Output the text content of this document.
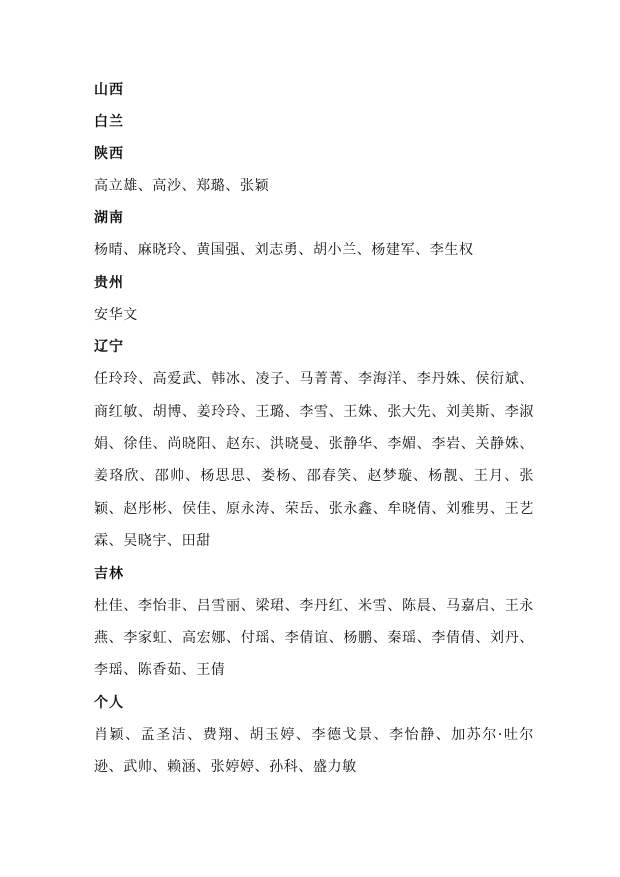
山西
白兰
陕西
高立雄、高沙、郑璐、张颖
湖南
杨晴、麻晓玲、黄国强、刘志勇、胡小兰、杨建军、李生权
贵州
安华文
辽宁
任玲玲、高爱武、韩冰、凌子、马菁菁、李海洋、李丹姝、侯衍斌、商红敏、胡博、姜玲玲、王璐、李雪、王姝、张大先、刘美斯、李淑娟、徐佳、尚晓阳、赵东、洪晓曼、张静华、李媚、李岩、关静姝、姜珞欣、邵帅、杨思思、娄杨、邵春笑、赵梦璇、杨靓、王月、张颖、赵彤彬、侯佳、原永涛、荣岳、张永鑫、牟晓倩、刘雅男、王艺霖、吴晓宇、田甜
吉林
杜佳、李怡非、吕雪丽、梁珺、李丹红、米雪、陈晨、马嘉启、王永燕、李家虹、高宏娜、付瑶、李倩谊、杨鹏、秦瑶、李倩倩、刘丹、李瑶、陈香茹、王倩
个人
肖颖、孟圣洁、费翔、胡玉婷、李德戈景、李怡静、加苏尔·吐尔逊、武帅、赖涵、张婷婷、孙科、盛力敏
